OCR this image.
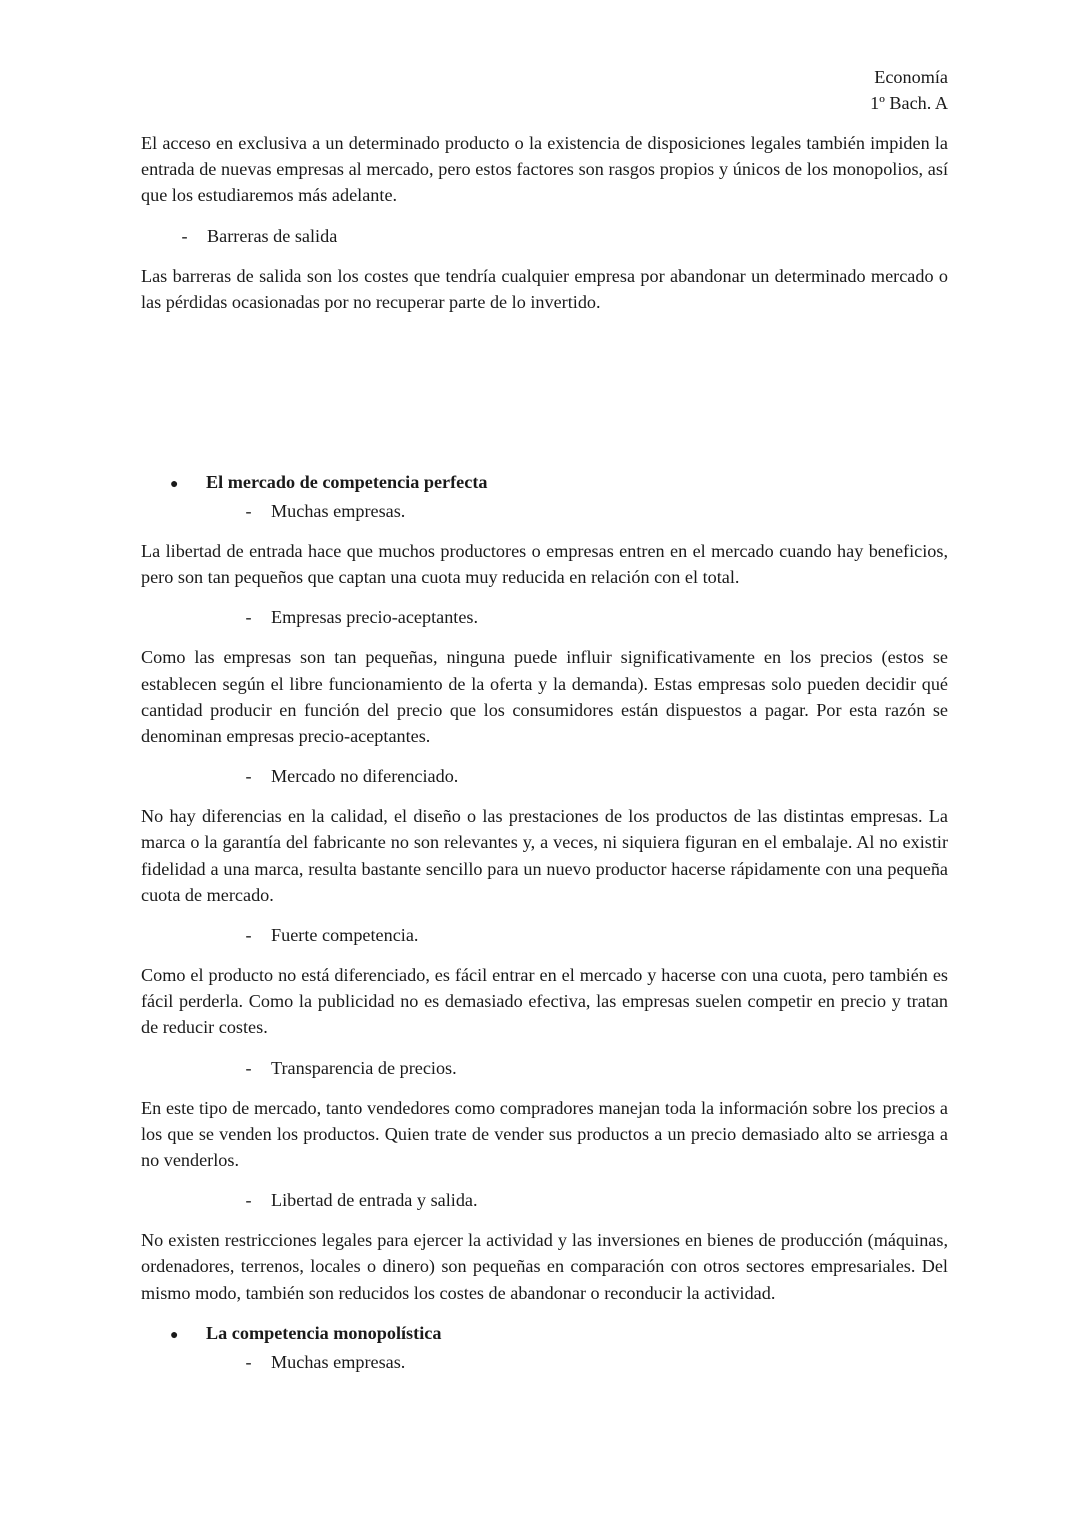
Economía
1º Bach. A

El acceso en exclusiva a un determinado producto o la existencia de disposiciones legales también impiden la entrada de nuevas empresas al mercado, pero estos factores son rasgos propios y únicos de los monopolios, así que los estudiaremos más adelante.

-	Barreras de salida

Las barreras de salida son los costes que tendría cualquier empresa por abandonar un determinado mercado o las pérdidas ocasionadas por no recuperar parte de lo invertido.

●	El mercado de competencia perfecta
-	Muchas empresas.

La libertad de entrada hace que muchos productores o empresas entren en el mercado cuando hay beneficios, pero son tan pequeños que captan una cuota muy reducida en relación con el total.

-	Empresas precio-aceptantes.

Como las empresas son tan pequeñas, ninguna puede influir significativamente en los precios (estos se establecen según el libre funcionamiento de la oferta y la demanda). Estas empresas solo pueden decidir qué cantidad producir en función del precio que los consumidores están dispuestos a pagar. Por esta razón se denominan empresas precio-aceptantes.

-	Mercado no diferenciado.

No hay diferencias en la calidad, el diseño o las prestaciones de los productos de las distintas empresas. La marca o la garantía del fabricante no son relevantes y, a veces, ni siquiera figuran en el embalaje. Al no existir fidelidad a una marca, resulta bastante sencillo para un nuevo productor hacerse rápidamente con una pequeña cuota de mercado.

-	Fuerte competencia.

Como el producto no está diferenciado, es fácil entrar en el mercado y hacerse con una cuota, pero también es fácil perderla. Como la publicidad no es demasiado efectiva, las empresas suelen competir en precio y tratan de reducir costes.

-	Transparencia de precios.

En este tipo de mercado, tanto vendedores como compradores manejan toda la información sobre los precios a los que se venden los productos. Quien trate de vender sus productos a un precio demasiado alto se arriesga a no venderlos.

-	Libertad de entrada y salida.

No existen restricciones legales para ejercer la actividad y las inversiones en bienes de producción (máquinas, ordenadores, terrenos, locales o dinero) son pequeñas en comparación con otros sectores empresariales. Del mismo modo, también son reducidos los costes de abandonar o reconducir la actividad.

●	La competencia monopolística
-	Muchas empresas.
